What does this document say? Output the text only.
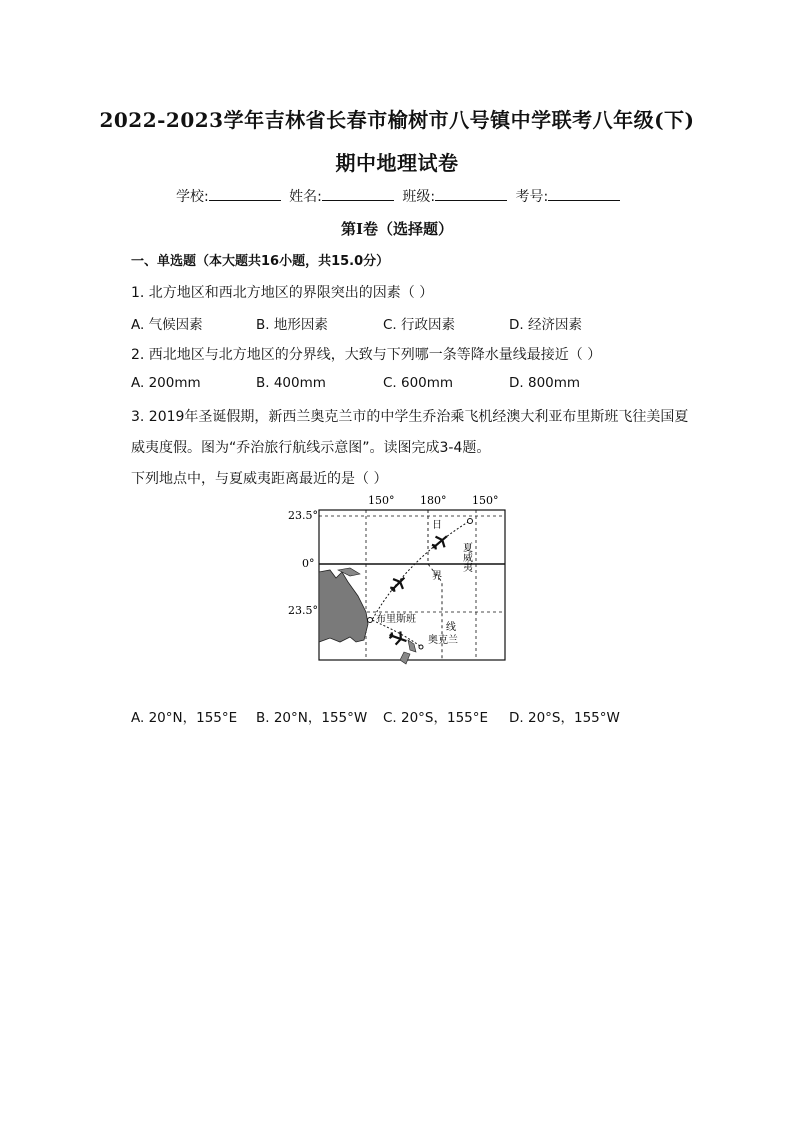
2022-2023学年吉林省长春市榆树市八号镇中学联考八年级(下)
期中地理试卷
学校:	姓名:	班级:	考号:
第I卷（选择题）
一、单选题（本大题共16小题，共15.0分）
1. 北方地区和西北方地区的界限突出的因素（ ）
A. 气候因素	B. 地形因素	C. 行政因素	D. 经济因素
2. 西北地区与北方地区的分界线，大致与下列哪一条等降水量线最接近（ ）
A. 200mm	B. 400mm	C. 600mm	D. 800mm
3. 2019年圣诞假期，新西兰奥克兰市的中学生乔治乘飞机经澳大利亚布里斯班飞往美国夏
威夷度假。图为“乔治旅行航线示意图”。读图完成3-4题。
下列地点中，与夏威夷距离最近的是（ ）
150° 180° 150°
23.5°
0°
23.5°
日
界
线
布里斯班
奥克兰
夏威夷
A. 20°N，155°E B. 20°N，155°W C. 20°S，155°E D. 20°S，155°W
